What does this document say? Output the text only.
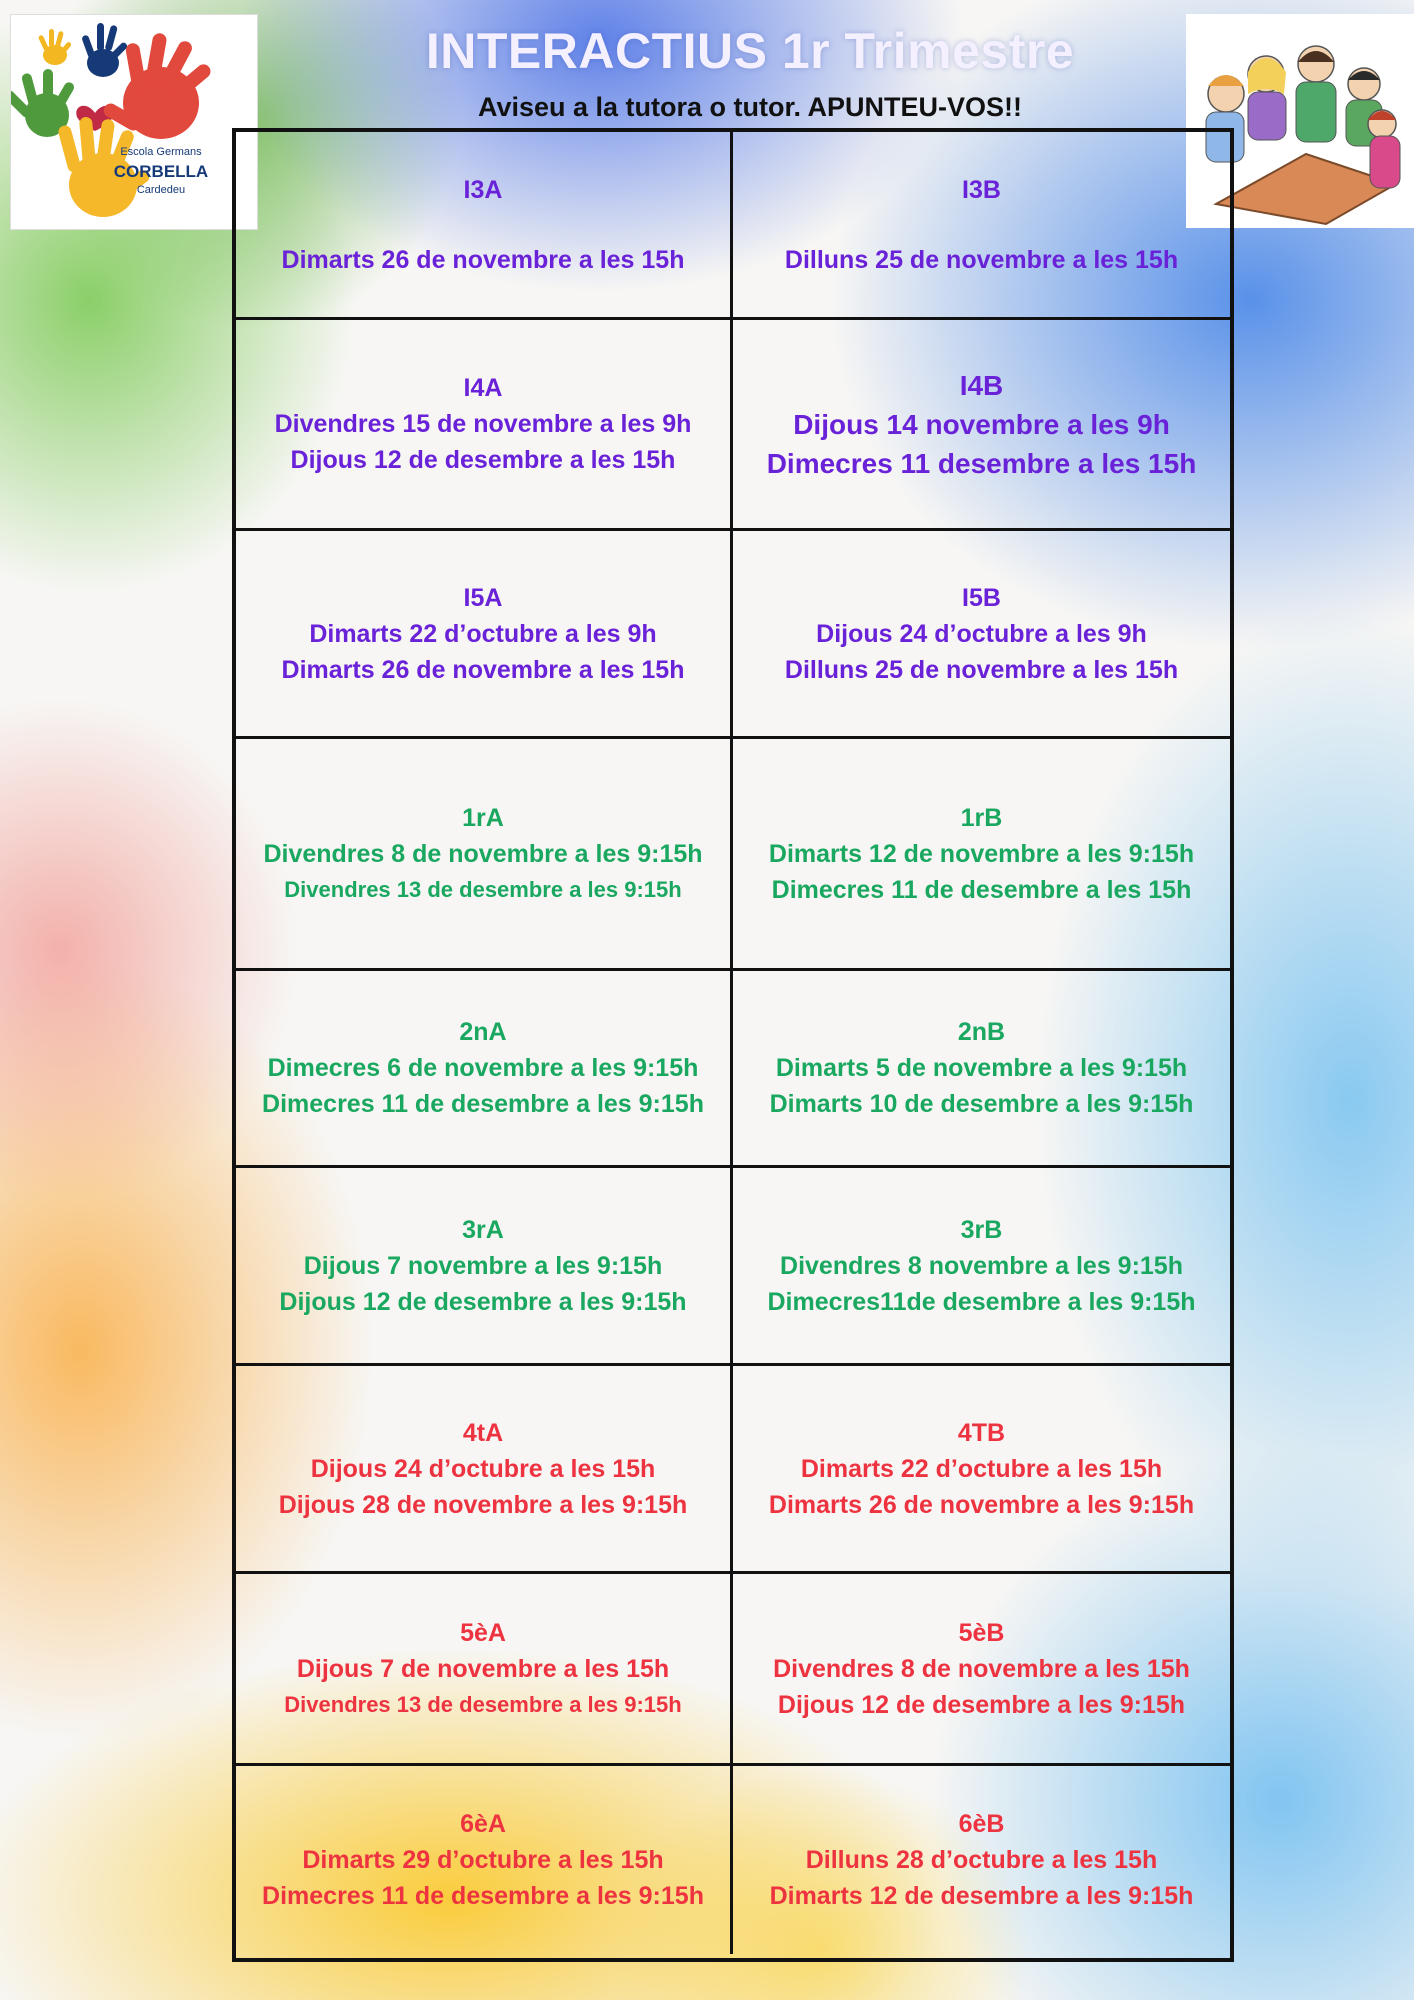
Escola Germans
CORBELLA
Cardedeu
INTERACTIUS 1r Trimestre
Aviseu a la tutora o tutor. APUNTEU-VOS!!
I3A
Dimarts 26 de novembre a les 15h
I3B
Dilluns 25 de novembre a les 15h
I4A
Divendres 15 de novembre a les 9h
Dijous 12 de desembre a les 15h
I4B
Dijous 14 novembre a les 9h
Dimecres 11 desembre a les 15h
I5A
Dimarts 22 d’octubre a les 9h
Dimarts 26 de novembre a les 15h
I5B
Dijous 24 d’octubre a les 9h
Dilluns 25 de novembre a les 15h
1rA
Divendres 8 de novembre a les 9:15h
Divendres 13 de desembre a les 9:15h
1rB
Dimarts 12 de novembre a les 9:15h
Dimecres 11 de desembre a les 15h
2nA
Dimecres 6 de novembre a les 9:15h
Dimecres 11 de desembre a les 9:15h
2nB
Dimarts 5 de novembre a les 9:15h
Dimarts 10 de desembre a les 9:15h
3rA
Dijous 7 novembre a les 9:15h
Dijous 12 de desembre a les 9:15h
3rB
Divendres 8 novembre a les 9:15h
Dimecres11de desembre a les 9:15h
4tA
Dijous 24 d’octubre a les 15h
Dijous 28 de novembre a les 9:15h
4TB
Dimarts 22 d’octubre a les 15h
Dimarts 26 de novembre a les 9:15h
5èA
Dijous 7 de novembre a les 15h
Divendres 13 de desembre a les 9:15h
5èB
Divendres 8 de novembre a les 15h
Dijous 12 de desembre a les 9:15h
6èA
Dimarts 29 d’octubre a les 15h
Dimecres 11 de desembre a les 9:15h
6èB
Dilluns 28 d’octubre a les 15h
Dimarts 12 de desembre a les 9:15h
